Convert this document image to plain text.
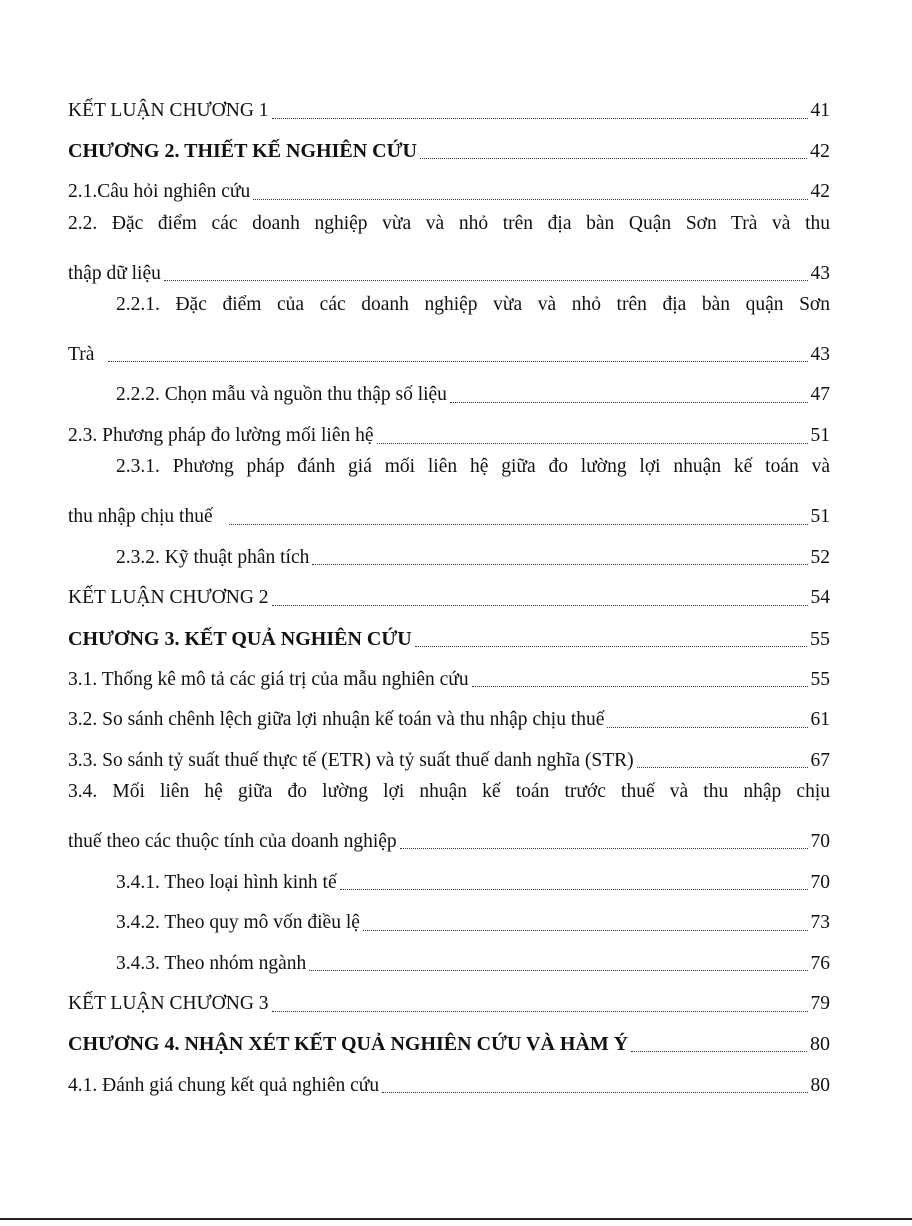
KẾT LUẬN CHƯƠNG 1	41
CHƯƠNG 2. THIẾT KẾ NGHIÊN CỨU	42
2.1.Câu hỏi nghiên cứu	42
2.2. Đặc điểm các doanh nghiệp vừa và nhỏ trên địa bàn Quận Sơn Trà và thu
thập dữ liệu	43
2.2.1. Đặc điểm của các doanh nghiệp vừa và nhỏ trên địa bàn quận Sơn
Trà	43
2.2.2. Chọn mẫu và nguồn thu thập số liệu	47
2.3. Phương pháp đo lường mối liên hệ	51
2.3.1. Phương pháp đánh giá mối liên hệ giữa đo lường lợi nhuận kế toán và
thu nhập chịu thuế	51
2.3.2. Kỹ thuật phân tích	52
KẾT LUẬN CHƯƠNG 2	54
CHƯƠNG 3. KẾT QUẢ NGHIÊN CỨU	55
3.1. Thống kê mô tả các giá trị của mẫu nghiên cứu	55
3.2. So sánh chênh lệch giữa lợi nhuận kế toán và thu nhập chịu thuế	61
3.3. So sánh tỷ suất thuế thực tế (ETR) và tỷ suất thuế danh nghĩa (STR)	67
3.4. Mối liên hệ giữa đo lường lợi nhuận kế toán trước thuế và thu nhập chịu
thuế theo các thuộc tính của doanh nghiệp	70
3.4.1. Theo loại hình kinh tế	70
3.4.2. Theo quy mô vốn điều lệ	73
3.4.3. Theo nhóm ngành	76
KẾT LUẬN CHƯƠNG 3	79
CHƯƠNG 4. NHẬN XÉT KẾT QUẢ NGHIÊN CỨU VÀ HÀM Ý	80
4.1. Đánh giá chung kết quả nghiên cứu	80
